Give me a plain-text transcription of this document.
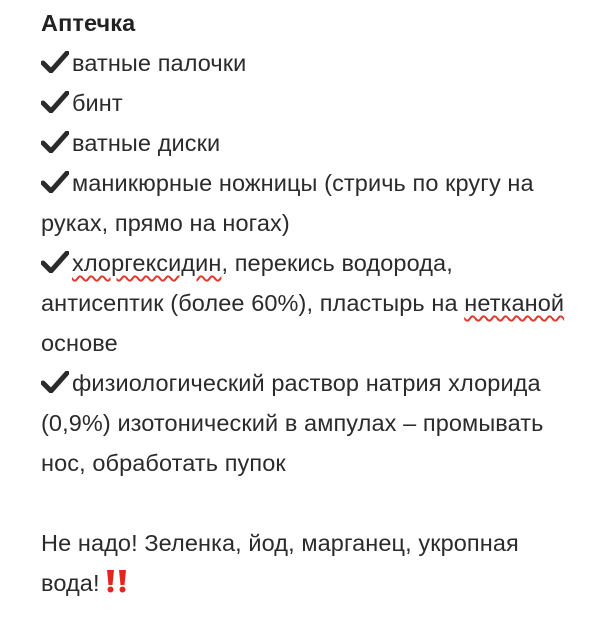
Аптечка

ватные палочки

бинт

ватные диски

маникюрные ножницы (стричь по кругу на руках, прямо на ногах)

хлоргексидин, перекись водорода, антисептик (более 60%), пластырь на нетканой основе

физиологический раствор натрия хлорида (0,9%) изотонический в ампулах – промывать нос, обработать пупок

Не надо! Зеленка, йод, марганец, укропная вода!
